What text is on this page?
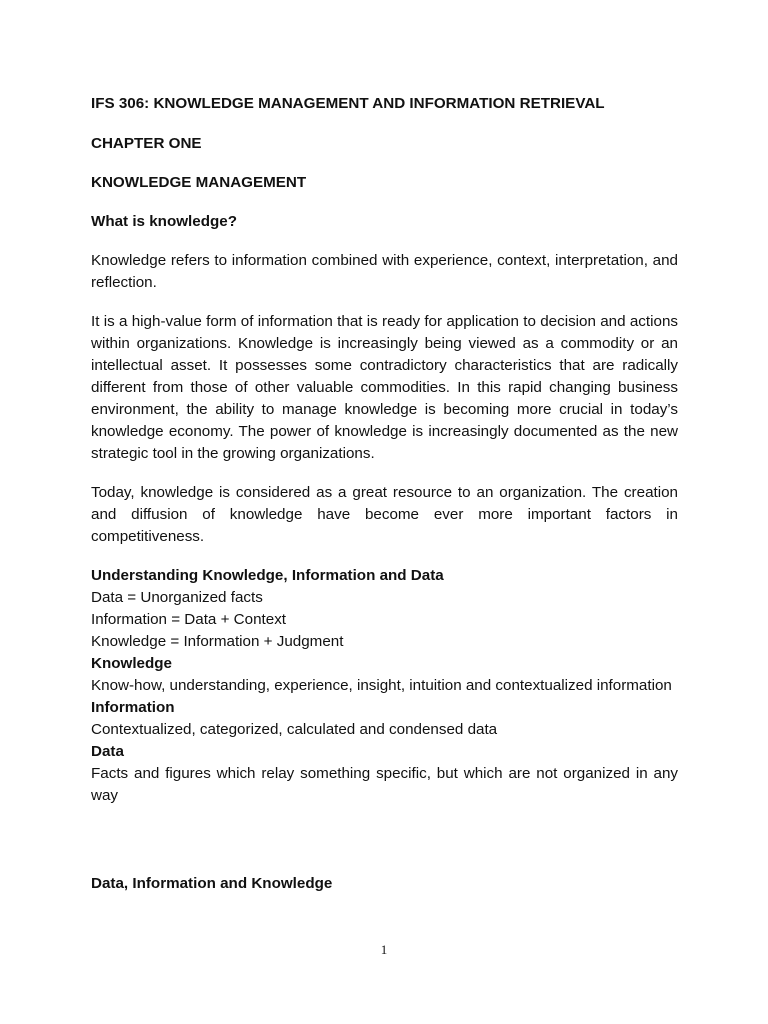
IFS 306: KNOWLEDGE MANAGEMENT AND INFORMATION RETRIEVAL

CHAPTER ONE

KNOWLEDGE MANAGEMENT

What is knowledge?

Knowledge refers to information combined with experience, context, interpretation, and reflection.

It is a high-value form of information that is ready for application to decision and actions within organizations. Knowledge is increasingly being viewed as a commodity or an intellectual asset. It possesses some contradictory characteristics that are radically different from those of other valuable commodities. In this rapid changing business environment, the ability to manage knowledge is becoming more crucial in today’s knowledge economy. The power of knowledge is increasingly documented as the new strategic tool in the growing organizations.

Today, knowledge is considered as a great resource to an organization. The creation and diffusion of knowledge have become ever more important factors in competitiveness.

Understanding Knowledge, Information and Data

Data = Unorganized facts

Information = Data + Context

Knowledge = Information + Judgment

Knowledge

Know-how, understanding, experience, insight, intuition and contextualized information

Information

Contextualized, categorized, calculated and condensed data

Data

Facts and figures which relay something specific, but which are not organized in any way

Data, Information and Knowledge

1
